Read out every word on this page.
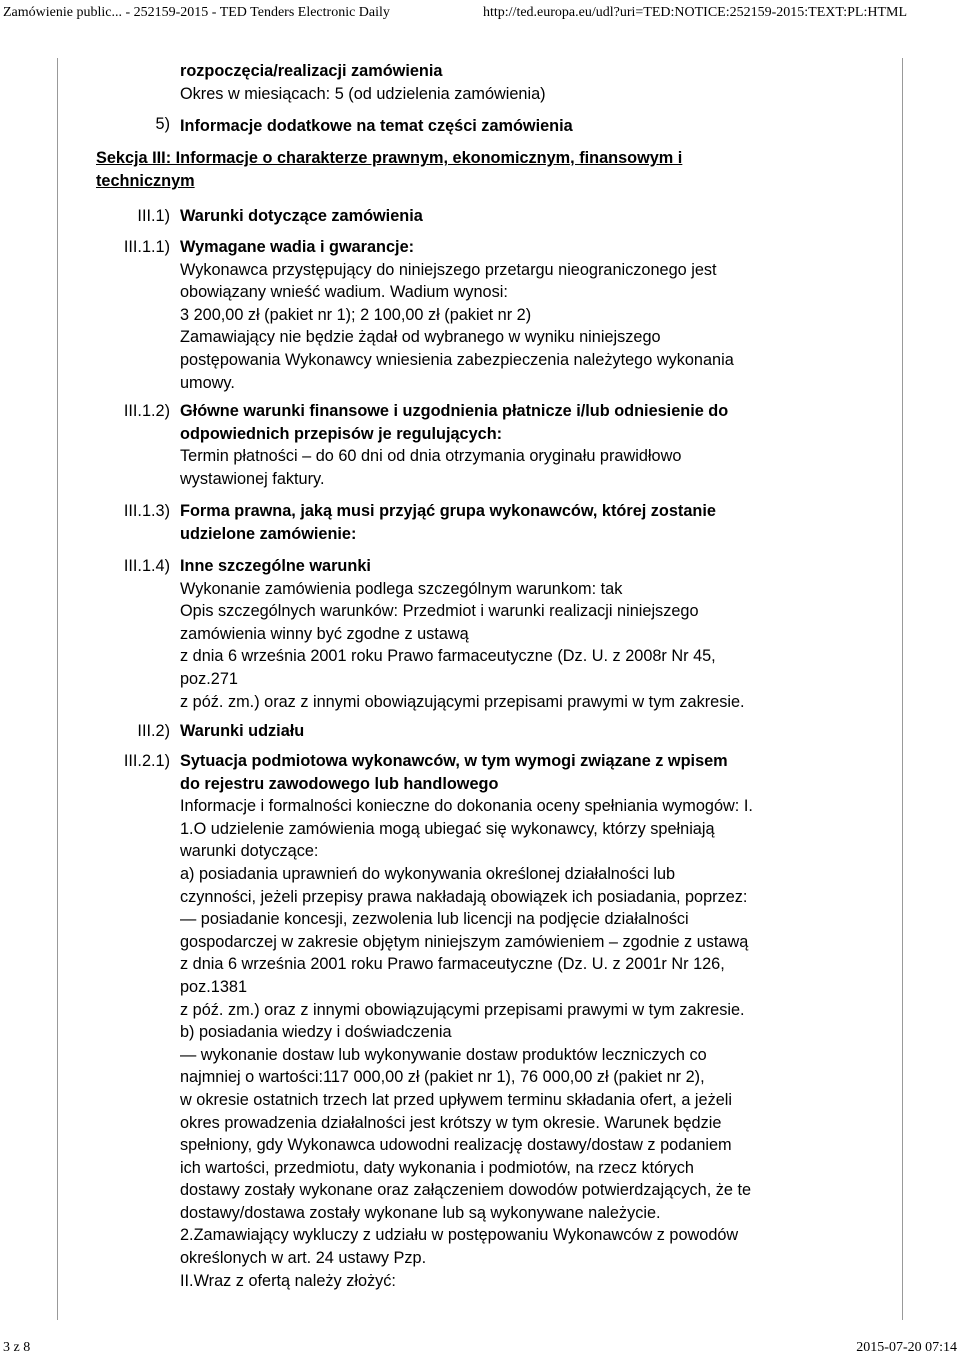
Zamówienie public... - 252159-2015 - TED Tenders Electronic Daily	http://ted.europa.eu/udl?uri=TED:NOTICE:252159-2015:TEXT:PL:HTML
rozpoczęcia/realizacji zamówienia
Okres w miesiącach: 5 (od udzielenia zamówienia)
5) Informacje dodatkowe na temat części zamówienia

Sekcja III: Informacje o charakterze prawnym, ekonomicznym, finansowym i

technicznym

III.1) Warunki dotyczące zamówienia
III.1.1) Wymagane wadia i gwarancje:

Wykonawca przystępujący do niniejszego przetargu nieograniczonego jest

obowiązany wnieść wadium. Wadium wynosi:

3 200,00 zł (pakiet nr 1); 2 100,00 zł (pakiet nr 2)

Zamawiający nie będzie żądał od wybranego w wyniku niniejszego

postępowania Wykonawcy wniesienia zabezpieczenia należytego wykonania

umowy.

III.1.2) Główne warunki finansowe i uzgodnienia płatnicze i/lub odniesienie do

odpowiednich przepisów je regulujących:

Termin płatności – do 60 dni od dnia otrzymania oryginału prawidłowo

wystawionej faktury.

III.1.3) Forma prawna, jaką musi przyjąć grupa wykonawców, której zostanie

udzielone zamówienie:

III.1.4) Inne szczególne warunki

Wykonanie zamówienia podlega szczególnym warunkom: tak

Opis szczególnych warunków: Przedmiot i warunki realizacji niniejszego

zamówienia winny być zgodne z ustawą

z dnia 6 września 2001 roku Prawo farmaceutyczne (Dz. U. z 2008r Nr 45,

poz.271

z póź. zm.) oraz z innymi obowiązującymi przepisami prawymi w tym zakresie.

III.2) Warunki udziału
III.2.1) Sytuacja podmiotowa wykonawców, w tym wymogi związane z wpisem

do rejestru zawodowego lub handlowego

Informacje i formalności konieczne do dokonania oceny spełniania wymogów: I.

1.O udzielenie zamówienia mogą ubiegać się wykonawcy, którzy spełniają

warunki dotyczące:

a) posiadania uprawnień do wykonywania określonej działalności lub

czynności, jeżeli przepisy prawa nakładają obowiązek ich posiadania, poprzez:

— posiadanie koncesji, zezwolenia lub licencji na podjęcie działalności

gospodarczej w zakresie objętym niniejszym zamówieniem – zgodnie z ustawą

z dnia 6 września 2001 roku Prawo farmaceutyczne (Dz. U. z 2001r Nr 126,

poz.1381

z póź. zm.) oraz z innymi obowiązującymi przepisami prawymi w tym zakresie.

b) posiadania wiedzy i doświadczenia

— wykonanie dostaw lub wykonywanie dostaw produktów leczniczych co

najmniej o wartości:117 000,00 zł (pakiet nr 1), 76 000,00 zł (pakiet nr 2),

w okresie ostatnich trzech lat przed upływem terminu składania ofert, a jeżeli

okres prowadzenia działalności jest krótszy w tym okresie. Warunek będzie

spełniony, gdy Wykonawca udowodni realizację dostawy/dostaw z podaniem

ich wartości, przedmiotu, daty wykonania i podmiotów, na rzecz których

dostawy zostały wykonane oraz załączeniem dowodów potwierdzających, że te

dostawy/dostawa zostały wykonane lub są wykonywane należycie.

2.Zamawiający wykluczy z udziału w postępowaniu Wykonawców z powodów

określonych w art. 24 ustawy Pzp.

II.Wraz z ofertą należy złożyć:

3 z 8	2015-07-20 07:14
